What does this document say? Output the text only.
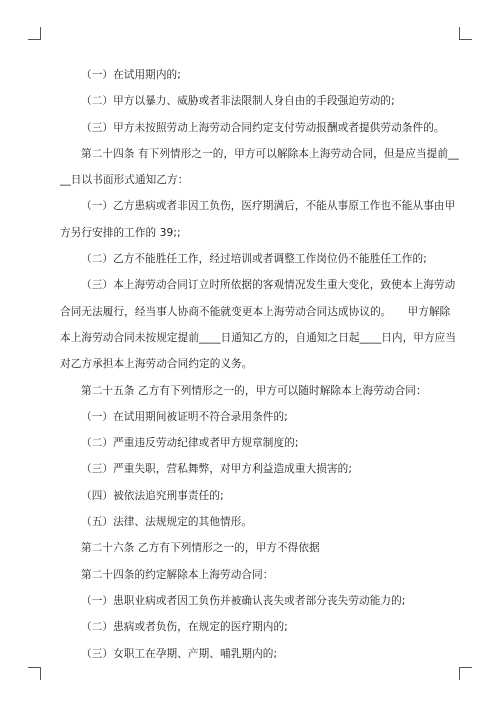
（一）在试用期内的;
（二）甲方以暴力、威胁或者非法限制人身自由的手段强迫劳动的;
（三）甲方未按照劳动上海劳动合同约定支付劳动报酬或者提供劳动条件的。
第二十四条 有下列情形之一的，甲方可以解除本上海劳动合同，但是应当提前__
__日以书面形式通知乙方：
（一）乙方患病或者非因工负伤，医疗期满后，不能从事原工作也不能从事由甲
方另行安排的工作的 39;;
（二）乙方不能胜任工作，经过培训或者调整工作岗位仍不能胜任工作的;
（三）本上海劳动合同订立时所依据的客观情况发生重大变化，致使本上海劳动
合同无法履行，经当事人协商不能就变更本上海劳动合同达成协议的。　　甲方解除
本上海劳动合同未按规定提前____日通知乙方的，自通知之日起____日内，甲方应当
对乙方承担本上海劳动合同约定的义务。
第二十五条 乙方有下列情形之一的，甲方可以随时解除本上海劳动合同：
（一）在试用期间被证明不符合录用条件的;
（二）严重违反劳动纪律或者甲方规章制度的;
（三）严重失职，营私舞弊，对甲方利益造成重大损害的;
（四）被依法追究刑事责任的;
（五）法律、法规规定的其他情形。
第二十六条 乙方有下列情形之一的，甲方不得依据
第二十四条的约定解除本上海劳动合同：
（一）患职业病或者因工负伤并被确认丧失或者部分丧失劳动能力的;
（二）患病或者负伤，在规定的医疗期内的;
（三）女职工在孕期、产期、哺乳期内的;
